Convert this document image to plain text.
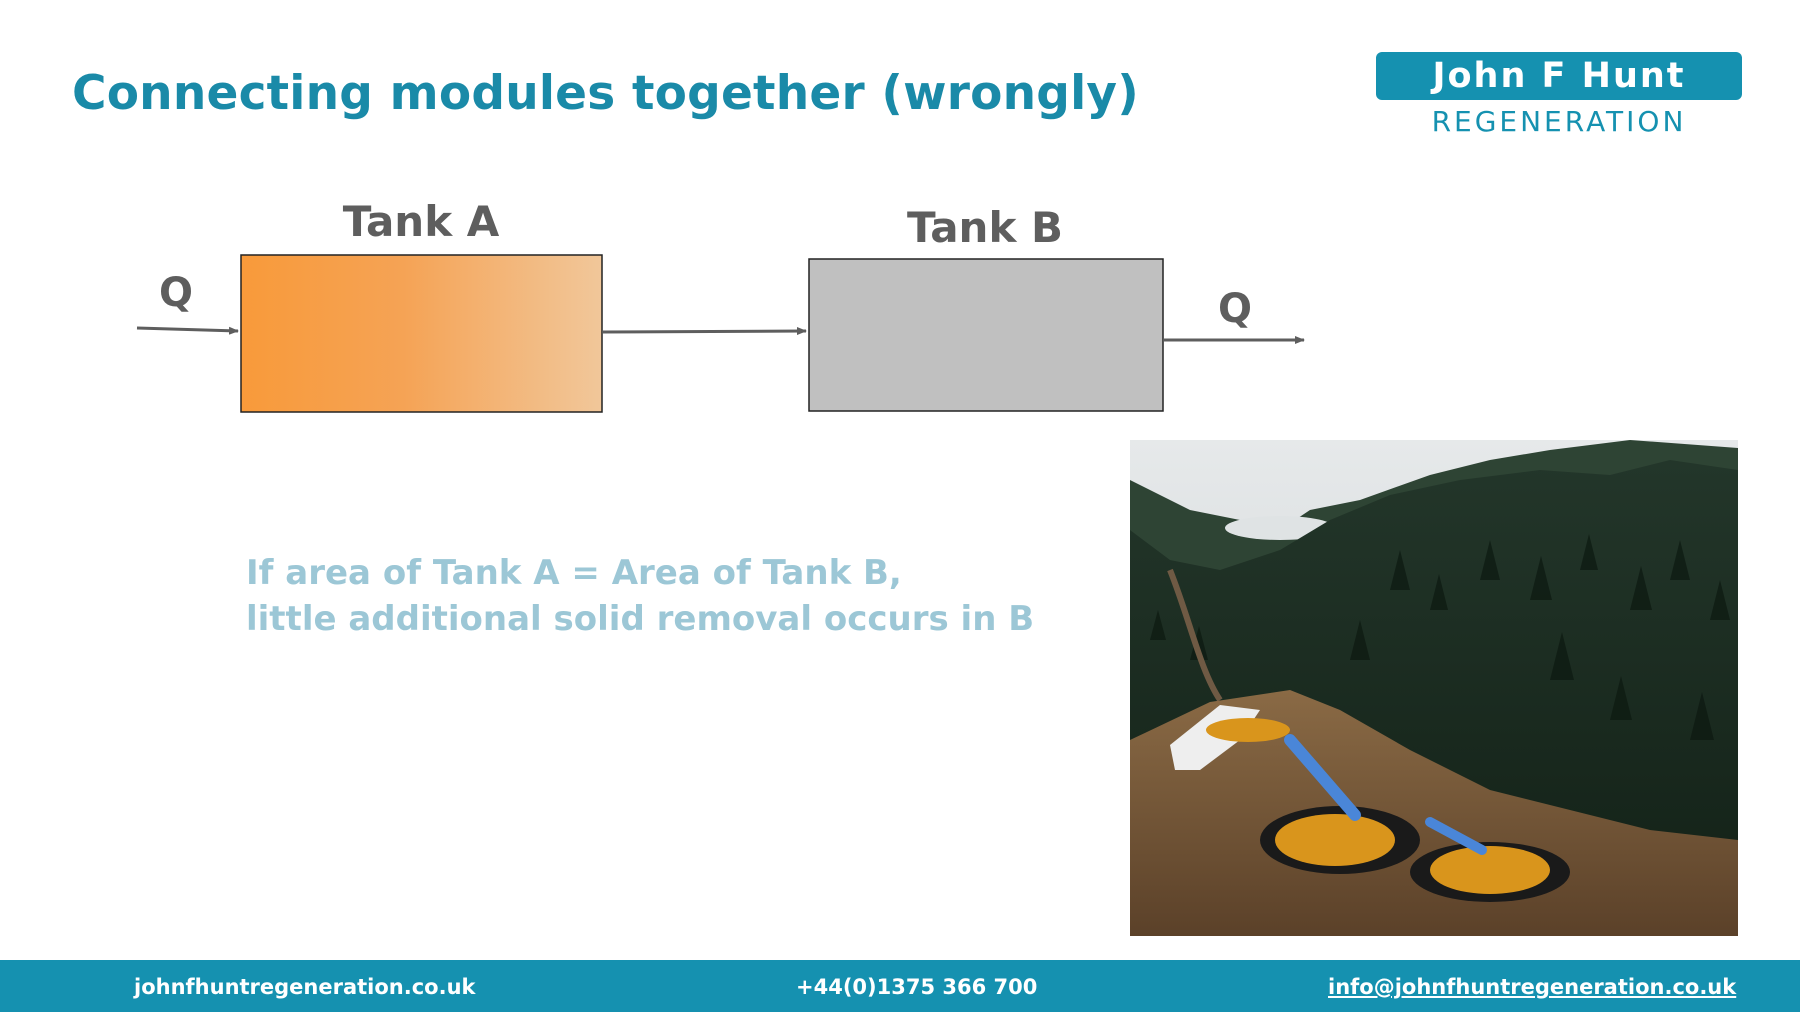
Connecting modules together (wrongly)	John F Hunt
REGENERATION
Tank A	Tank B
Q	Q
If area of Tank A = Area of Tank B,
little additional solid removal occurs in B
johnfhuntregeneration.co.uk	+44(0)1375 366 700	info@johnfhuntregeneration.co.uk
